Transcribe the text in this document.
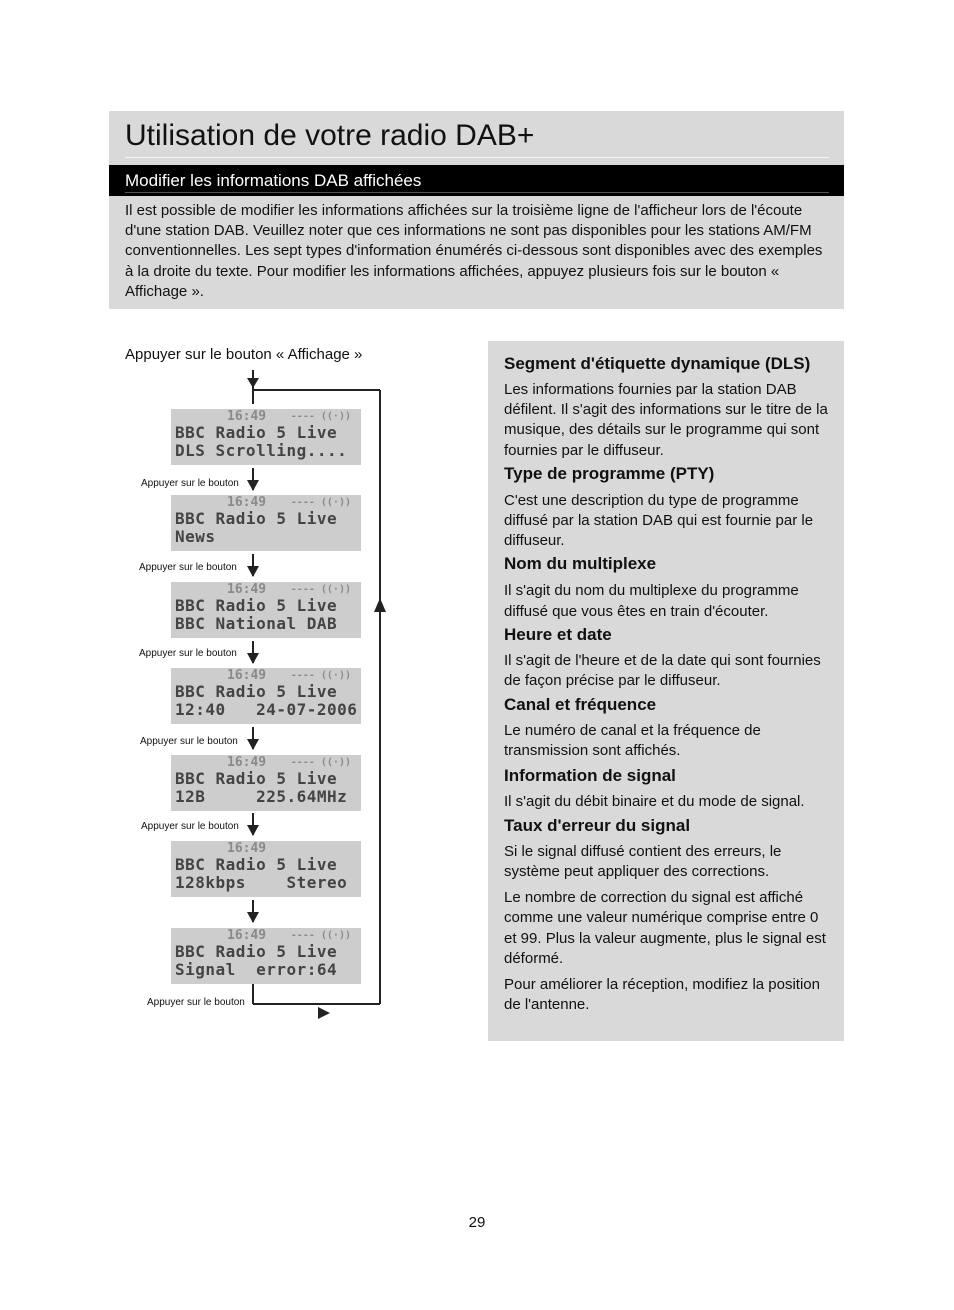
Utilisation de votre radio DAB+
Modifier les informations DAB affichées

Il est possible de modifier les informations affichées sur la troisième ligne de l'afficheur lors de l'écoute d'une station DAB. Veuillez noter que ces informations ne sont pas disponibles pour les stations AM/FM conventionnelles. Les sept types d'information énumérés ci-dessous sont disponibles avec des exemples à la droite du texte. Pour modifier les informations affichées, appuyez plusieurs fois sur le bouton « Affichage ».

Appuyer sur le bouton « Affichage »

16:49 ---- ((·))
BBC Radio 5 Live
DLS Scrolling....
Appuyer sur le bouton
16:49 ---- ((·))
BBC Radio 5 Live
News
Appuyer sur le bouton
16:49 ---- ((·))
BBC Radio 5 Live
BBC National DAB
Appuyer sur le bouton
16:49 ---- ((·))
BBC Radio 5 Live
12:40   24-07-2006
Appuyer sur le bouton
16:49 ---- ((·))
BBC Radio 5 Live
12B     225.64MHz
Appuyer sur le bouton
16:49
BBC Radio 5 Live
128kbps    Stereo
16:49 ---- ((·))
BBC Radio 5 Live
Signal  error:64
Appuyer sur le bouton
Segment d'étiquette dynamique (DLS)

Les informations fournies par la station DAB défilent. Il s'agit des informations sur le titre de la musique, des détails sur le programme qui sont fournies par le diffuseur.

Type de programme (PTY)

C'est une description du type de programme diffusé par la station DAB qui est fournie par le diffuseur.

Nom du multiplexe

Il s'agit du nom du multiplexe du programme diffusé que vous êtes en train d'écouter.

Heure et date

Il s'agit de l'heure et de la date qui sont fournies de façon précise par le diffuseur.

Canal et fréquence

Le numéro de canal et la fréquence de transmission sont affichés.

Information de signal

Il s'agit du débit binaire et du mode de signal.

Taux d'erreur du signal

Si le signal diffusé contient des erreurs, le système peut appliquer des corrections.

Le nombre de correction du signal est affiché comme une valeur numérique comprise entre 0 et 99. Plus la valeur augmente, plus le signal est déformé.

Pour améliorer la réception, modifiez la position de l'antenne.

29
